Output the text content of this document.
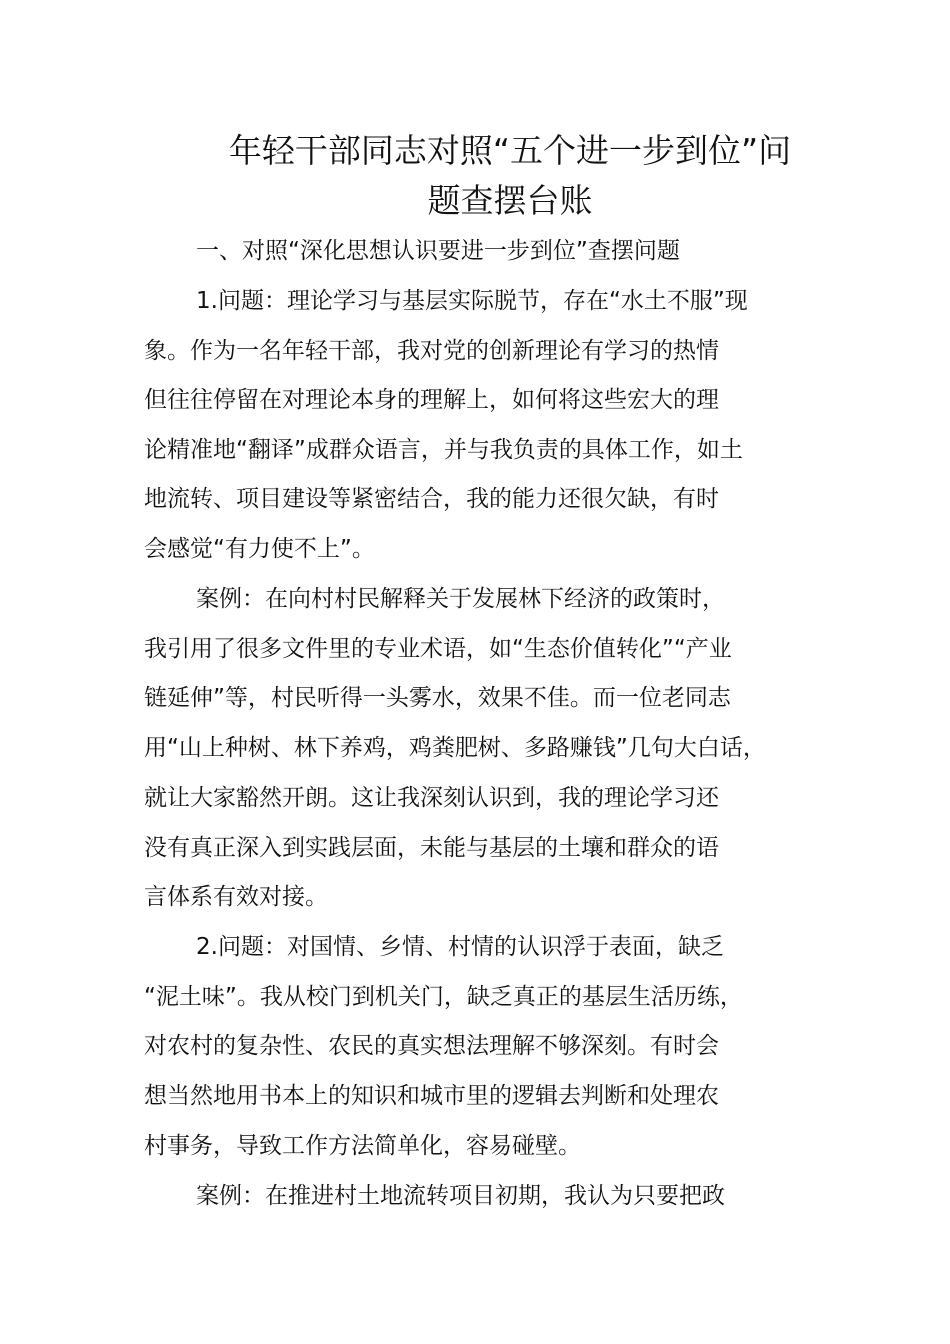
年轻干部同志对照“五个进一步到位”问
题查摆台账

一、对照“深化思想认识要进一步到位”查摆问题

1.问题：理论学习与基层实际脱节，存在“水土不服”现

象。作为一名年轻干部，我对党的创新理论有学习的热情

但往往停留在对理论本身的理解上，如何将这些宏大的理

论精准地“翻译”成群众语言，并与我负责的具体工作，如土

地流转、项目建设等紧密结合，我的能力还很欠缺，有时

会感觉“有力使不上”。

案例：在向村村民解释关于发展林下经济的政策时，

我引用了很多文件里的专业术语，如“生态价值转化”“产业

链延伸”等，村民听得一头雾水，效果不佳。而一位老同志

用“山上种树、林下养鸡，鸡粪肥树、多路赚钱”几句大白话，

就让大家豁然开朗。这让我深刻认识到，我的理论学习还

没有真正深入到实践层面，未能与基层的土壤和群众的语

言体系有效对接。

2.问题：对国情、乡情、村情的认识浮于表面，缺乏

“泥土味”。我从校门到机关门，缺乏真正的基层生活历练，

对农村的复杂性、农民的真实想法理解不够深刻。有时会

想当然地用书本上的知识和城市里的逻辑去判断和处理农

村事务，导致工作方法简单化，容易碰壁。

案例：在推进村土地流转项目初期，我认为只要把政
